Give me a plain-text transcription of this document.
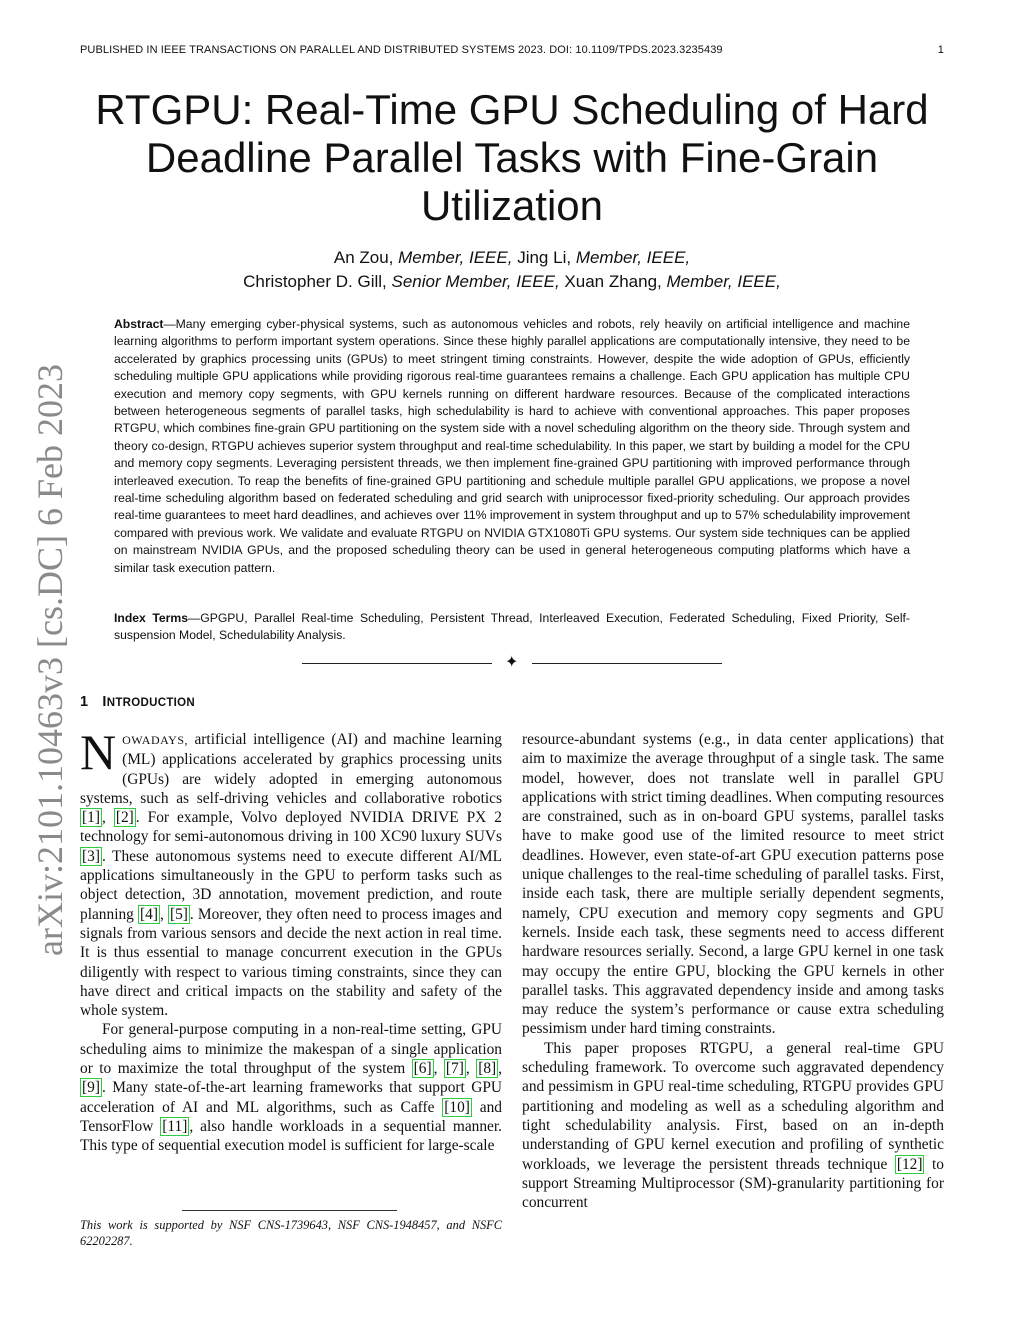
PUBLISHED IN IEEE TRANSACTIONS ON PARALLEL AND DISTRIBUTED SYSTEMS 2023. DOI: 10.1109/TPDS.2023.3235439	1
arXiv:2101.10463v3 [cs.DC] 6 Feb 2023
RTGPU: Real-Time GPU Scheduling of Hard Deadline Parallel Tasks with Fine-Grain Utilization
An Zou, Member, IEEE, Jing Li, Member, IEEE,
Christopher D. Gill, Senior Member, IEEE, Xuan Zhang, Member, IEEE,

Abstract—Many emerging cyber-physical systems, such as autonomous vehicles and robots, rely heavily on artificial intelligence and machine learning algorithms to perform important system operations. Since these highly parallel applications are computationally intensive, they need to be accelerated by graphics processing units (GPUs) to meet stringent timing constraints. However, despite the wide adoption of GPUs, efficiently scheduling multiple GPU applications while providing rigorous real-time guarantees remains a challenge. Each GPU application has multiple CPU execution and memory copy segments, with GPU kernels running on different hardware resources. Because of the complicated interactions between heterogeneous segments of parallel tasks, high schedulability is hard to achieve with conventional approaches. This paper proposes RTGPU, which combines fine-grain GPU partitioning on the system side with a novel scheduling algorithm on the theory side. Through system and theory co-design, RTGPU achieves superior system throughput and real-time schedulability. In this paper, we start by building a model for the CPU and memory copy segments. Leveraging persistent threads, we then implement fine-grained GPU partitioning with improved performance through interleaved execution. To reap the benefits of fine-grained GPU partitioning and schedule multiple parallel GPU applications, we propose a novel real-time scheduling algorithm based on federated scheduling and grid search with uniprocessor fixed-priority scheduling. Our approach provides real-time guarantees to meet hard deadlines, and achieves over 11% improvement in system throughput and up to 57% schedulability improvement compared with previous work. We validate and evaluate RTGPU on NVIDIA GTX1080Ti GPU systems. Our system side techniques can be applied on mainstream NVIDIA GPUs, and the proposed scheduling theory can be used in general heterogeneous computing platforms which have a similar task execution pattern.

Index Terms—GPGPU, Parallel Real-time Scheduling, Persistent Thread, Interleaved Execution, Federated Scheduling, Fixed Priority, Self-suspension Model, Schedulability Analysis.

✦
1 INTRODUCTION

NOWADAYS, artificial intelligence (AI) and machine learning (ML) applications accelerated by graphics processing units (GPUs) are widely adopted in emerging autonomous systems, such as self-driving vehicles and collaborative robotics [1] , [2] . For example, Volvo deployed NVIDIA DRIVE PX 2 technology for semi-autonomous driving in 100 XC90 luxury SUVs [3] . These autonomous systems need to execute different AI/ML applications simultaneously in the GPU to perform tasks such as object detection, 3D annotation, movement prediction, and route planning [4] , [5] . Moreover, they often need to process images and signals from various sensors and decide the next action in real time. It is thus essential to manage concurrent execution in the GPUs diligently with respect to various timing constraints, since they can have direct and critical impacts on the stability and safety of the whole system.

For general-purpose computing in a non-real-time setting, GPU scheduling aims to minimize the makespan of a single application or to maximize the total throughput of the system [6] , [7] , [8] , [9] . Many state-of-the-art learning frameworks that support GPU acceleration of AI and ML algorithms, such as Caffe [10] and TensorFlow [11] , also handle workloads in a sequential manner. This type of sequential execution model is sufficient for large-scale

This work is supported by NSF CNS-1739643, NSF CNS-1948457, and NSFC 62202287.

resource-abundant systems (e.g., in data center applications) that aim to maximize the average throughput of a single task. The same model, however, does not translate well in parallel GPU applications with strict timing deadlines. When computing resources are constrained, such as in on-board GPU systems, parallel tasks have to make good use of the limited resource to meet strict deadlines. However, even state-of-art GPU execution patterns pose unique challenges to the real-time scheduling of parallel tasks. First, inside each task, there are multiple serially dependent segments, namely, CPU execution and memory copy segments and GPU kernels. Inside each task, these segments need to access different hardware resources serially. Second, a large GPU kernel in one task may occupy the entire GPU, blocking the GPU kernels in other parallel tasks. This aggravated dependency inside and among tasks may reduce the system’s performance or cause extra scheduling pessimism under hard timing constraints.

This paper proposes RTGPU, a general real-time GPU scheduling framework. To overcome such aggravated dependency and pessimism in GPU real-time scheduling, RTGPU provides GPU partitioning and modeling as well as a scheduling algorithm and tight schedulability analysis. First, based on an in-depth understanding of GPU kernel execution and profiling of synthetic workloads, we leverage the persistent threads technique [12] to support Streaming Multiprocessor (SM)-granularity partitioning for concurrent
